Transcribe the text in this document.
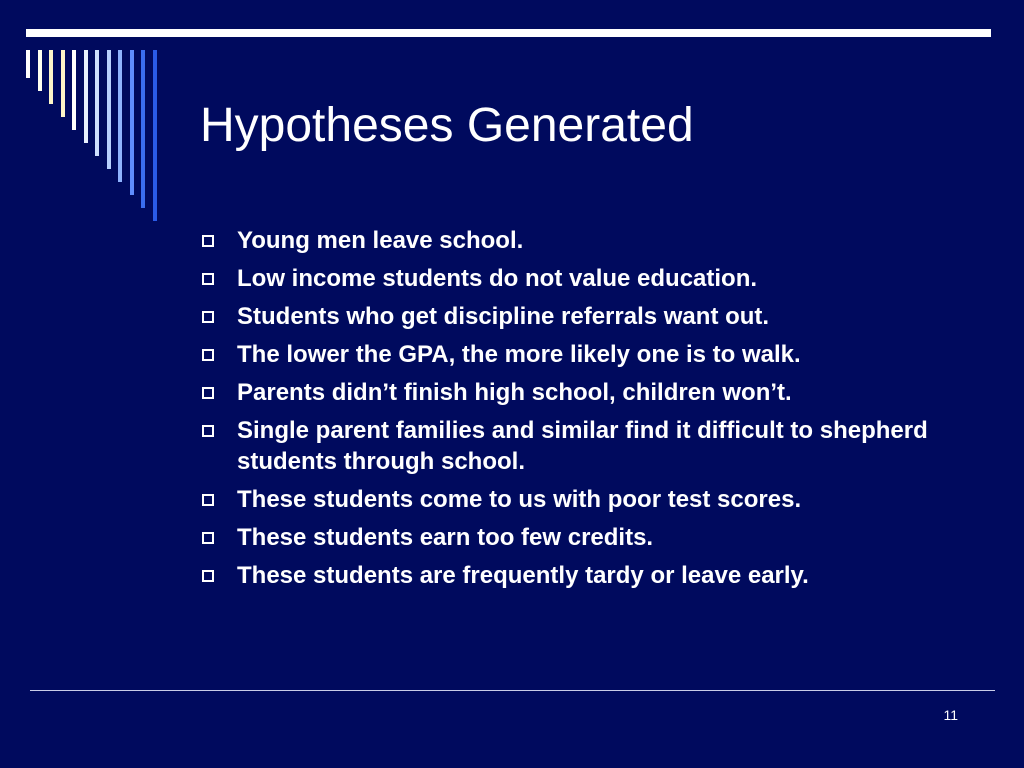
Hypotheses Generated
Young men leave school.
Low income students do not value education.
Students who get discipline referrals want out.
The lower the GPA, the more likely one is to walk.
Parents didn’t finish high school, children won’t.
Single parent families and similar find it difficult to shepherd students through school.
These students come to us with poor test scores.
These students earn too few credits.
These students are frequently tardy or leave early.
11
